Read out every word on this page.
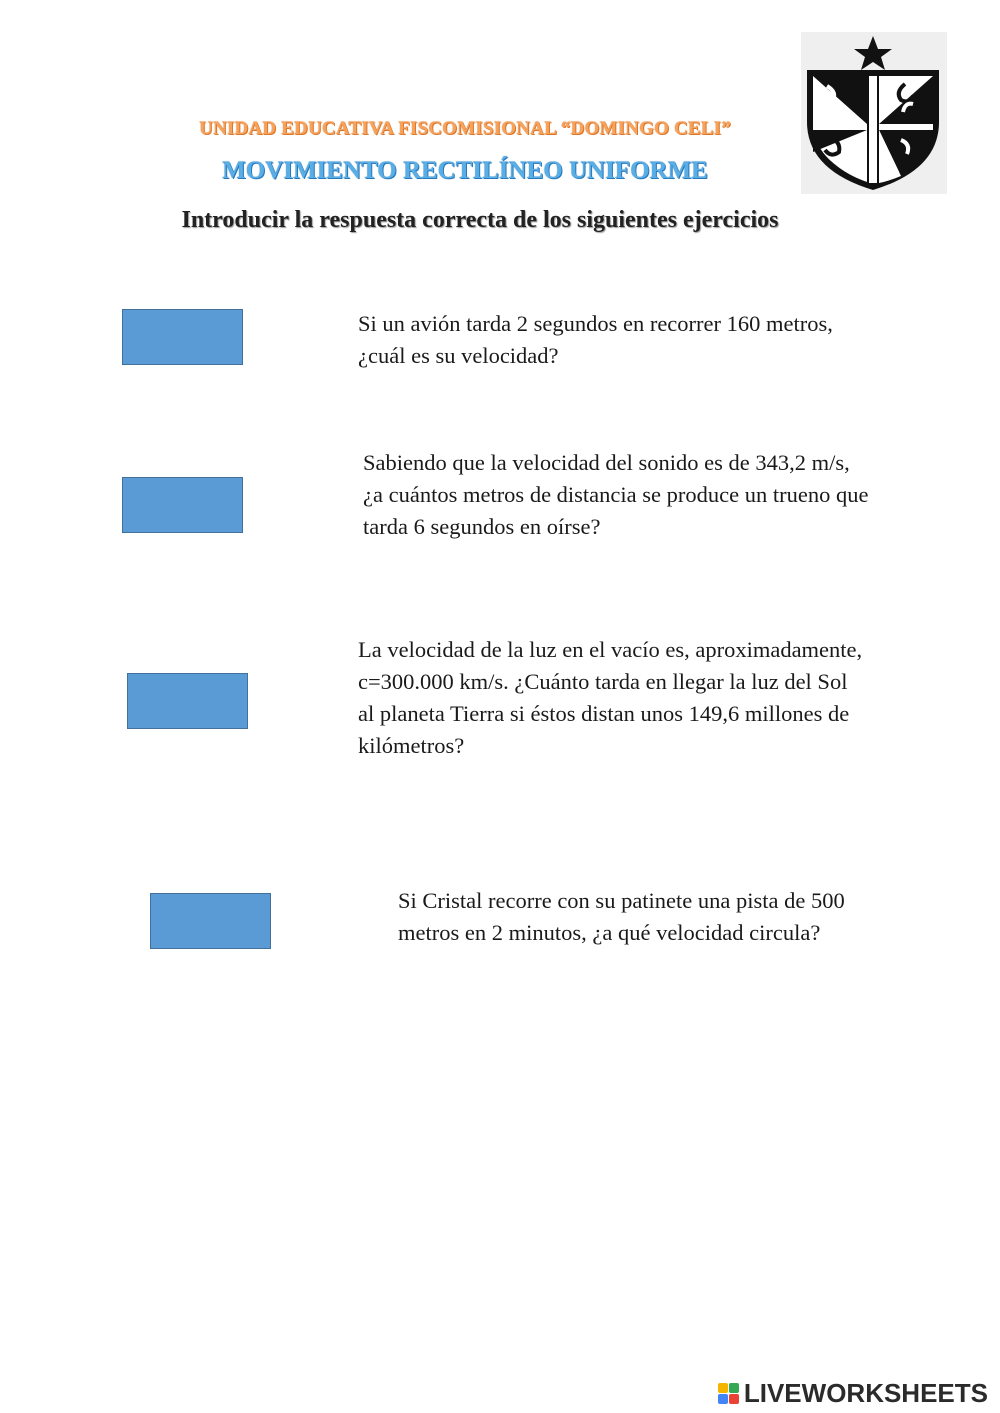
UNIDAD EDUCATIVA FISCOMISIONAL “DOMINGO CELI”
MOVIMIENTO RECTILÍNEO UNIFORME
Introducir la respuesta correcta de los siguientes ejercicios
Si un avión tarda 2 segundos en recorrer 160 metros,
¿cuál es su velocidad?
Sabiendo que la velocidad del sonido es de 343,2 m/s,
¿a cuántos metros de distancia se produce un trueno que
tarda 6 segundos en oírse?
La velocidad de la luz en el vacío es, aproximadamente,
c=300.000 km/s. ¿Cuánto tarda en llegar la luz del Sol
al planeta Tierra si éstos distan unos 149,6 millones de
kilómetros?
Si Cristal recorre con su patinete una pista de 500
metros en 2 minutos, ¿a qué velocidad circula?
LIVEWORKSHEETS
